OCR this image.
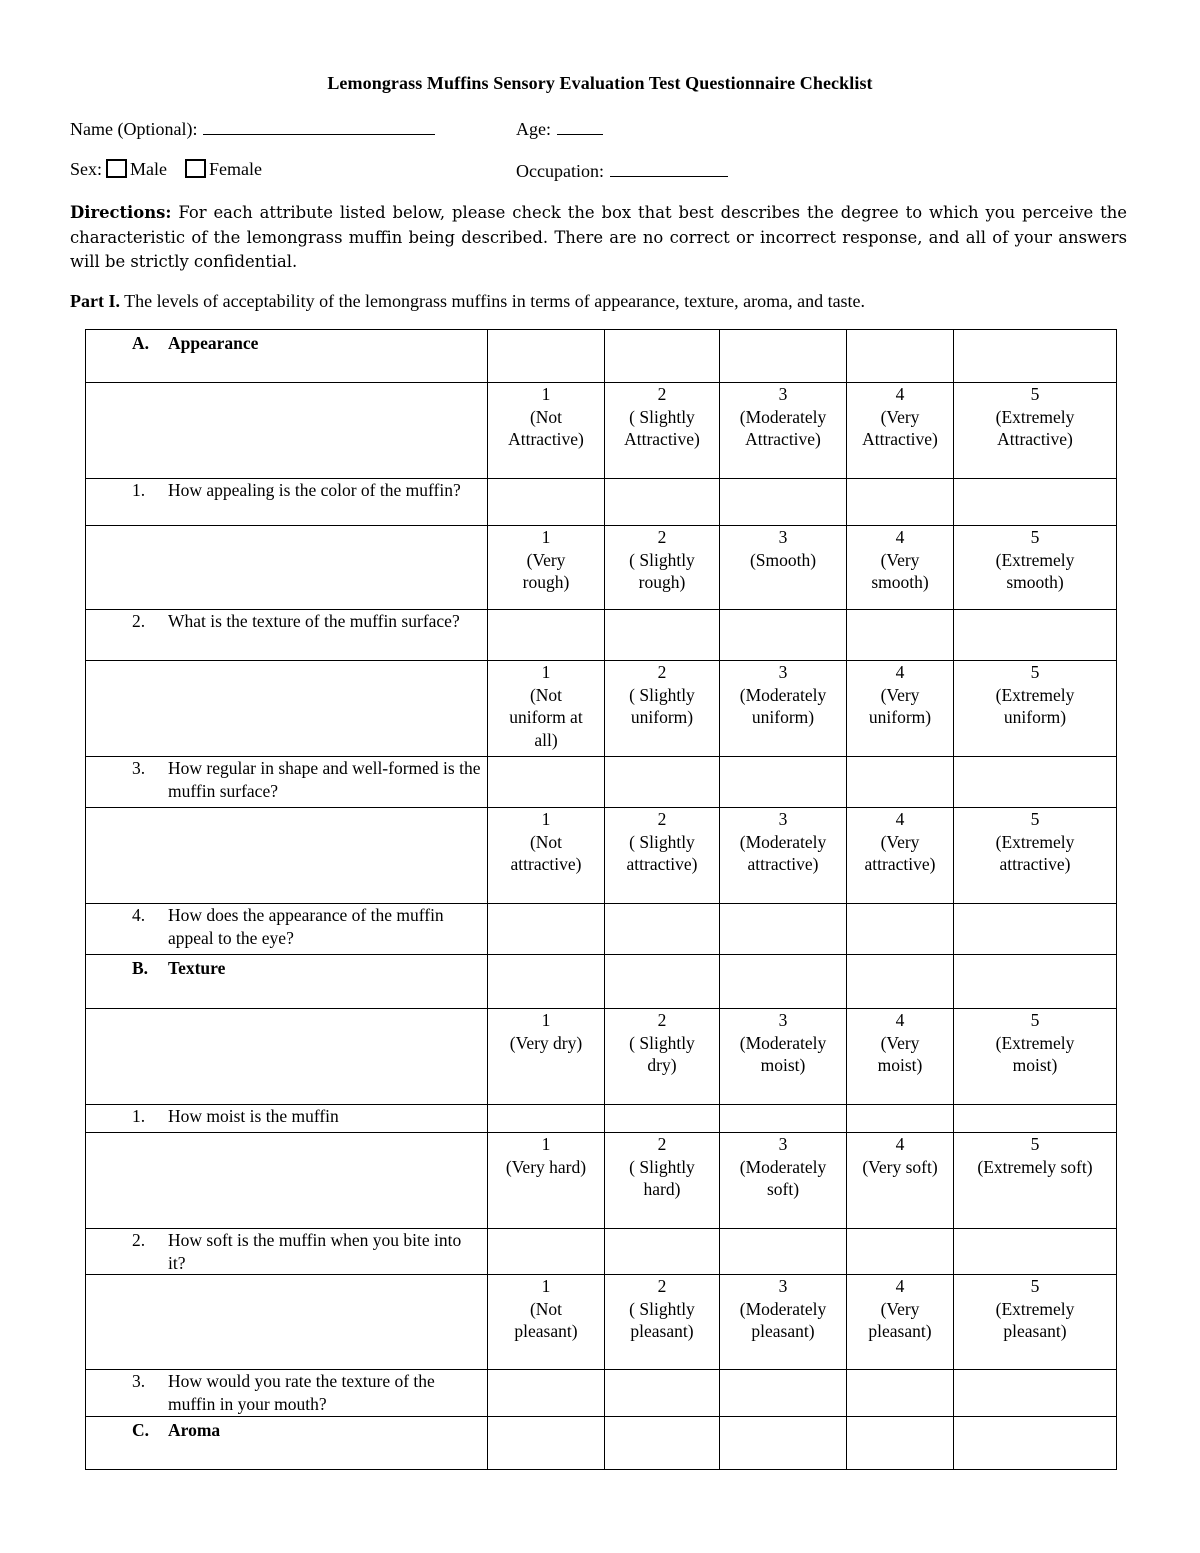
Lemongrass Muffins Sensory Evaluation Test Questionnaire Checklist
Name (Optional):	Age:
Sex: Male Female	Occupation:
Directions: For each attribute listed below, please check the box that best describes the degree to which you perceive the characteristic of the lemongrass muffin being described. There are no correct or incorrect response, and all of your answers will be strictly confidential.
Part I. The levels of acceptability of the lemongrass muffins in terms of appearance, texture, aroma, and taste.
A. Appearance					

	1
(Not
Attractive)	2
( Slightly
Attractive)	3
(Moderately
Attractive)	4
(Very
Attractive)	5
(Extremely
Attractive)

1. How appealing is the color of the muffin?					

	1
(Very
rough)	2
( Slightly
rough)	3
(Smooth)	4
(Very
smooth)	5
(Extremely
smooth)

2. What is the texture of the muffin surface?					

	1
(Not
uniform at
all)	2
( Slightly
uniform)	3
(Moderately
uniform)	4
(Very
uniform)	5
(Extremely
uniform)

3. How regular in shape and well-formed is the muffin surface?					

	1
(Not
attractive)	2
( Slightly
attractive)	3
(Moderately
attractive)	4
(Very
attractive)	5
(Extremely
attractive)

4. How does the appearance of the muffin appeal to the eye?					

B. Texture					

	1
(Very dry)	2
( Slightly
dry)	3
(Moderately
moist)	4
(Very
moist)	5
(Extremely
moist)

1. How moist is the muffin					

	1
(Very hard)	2
( Slightly
hard)	3
(Moderately
soft)	4
(Very soft)	5
(Extremely soft)

2. How soft is the muffin when you bite into it?					

	1
(Not
pleasant)	2
( Slightly
pleasant)	3
(Moderately
pleasant)	4
(Very
pleasant)	5
(Extremely
pleasant)

3. How would you rate the texture of the muffin in your mouth?					

C. Aroma					
